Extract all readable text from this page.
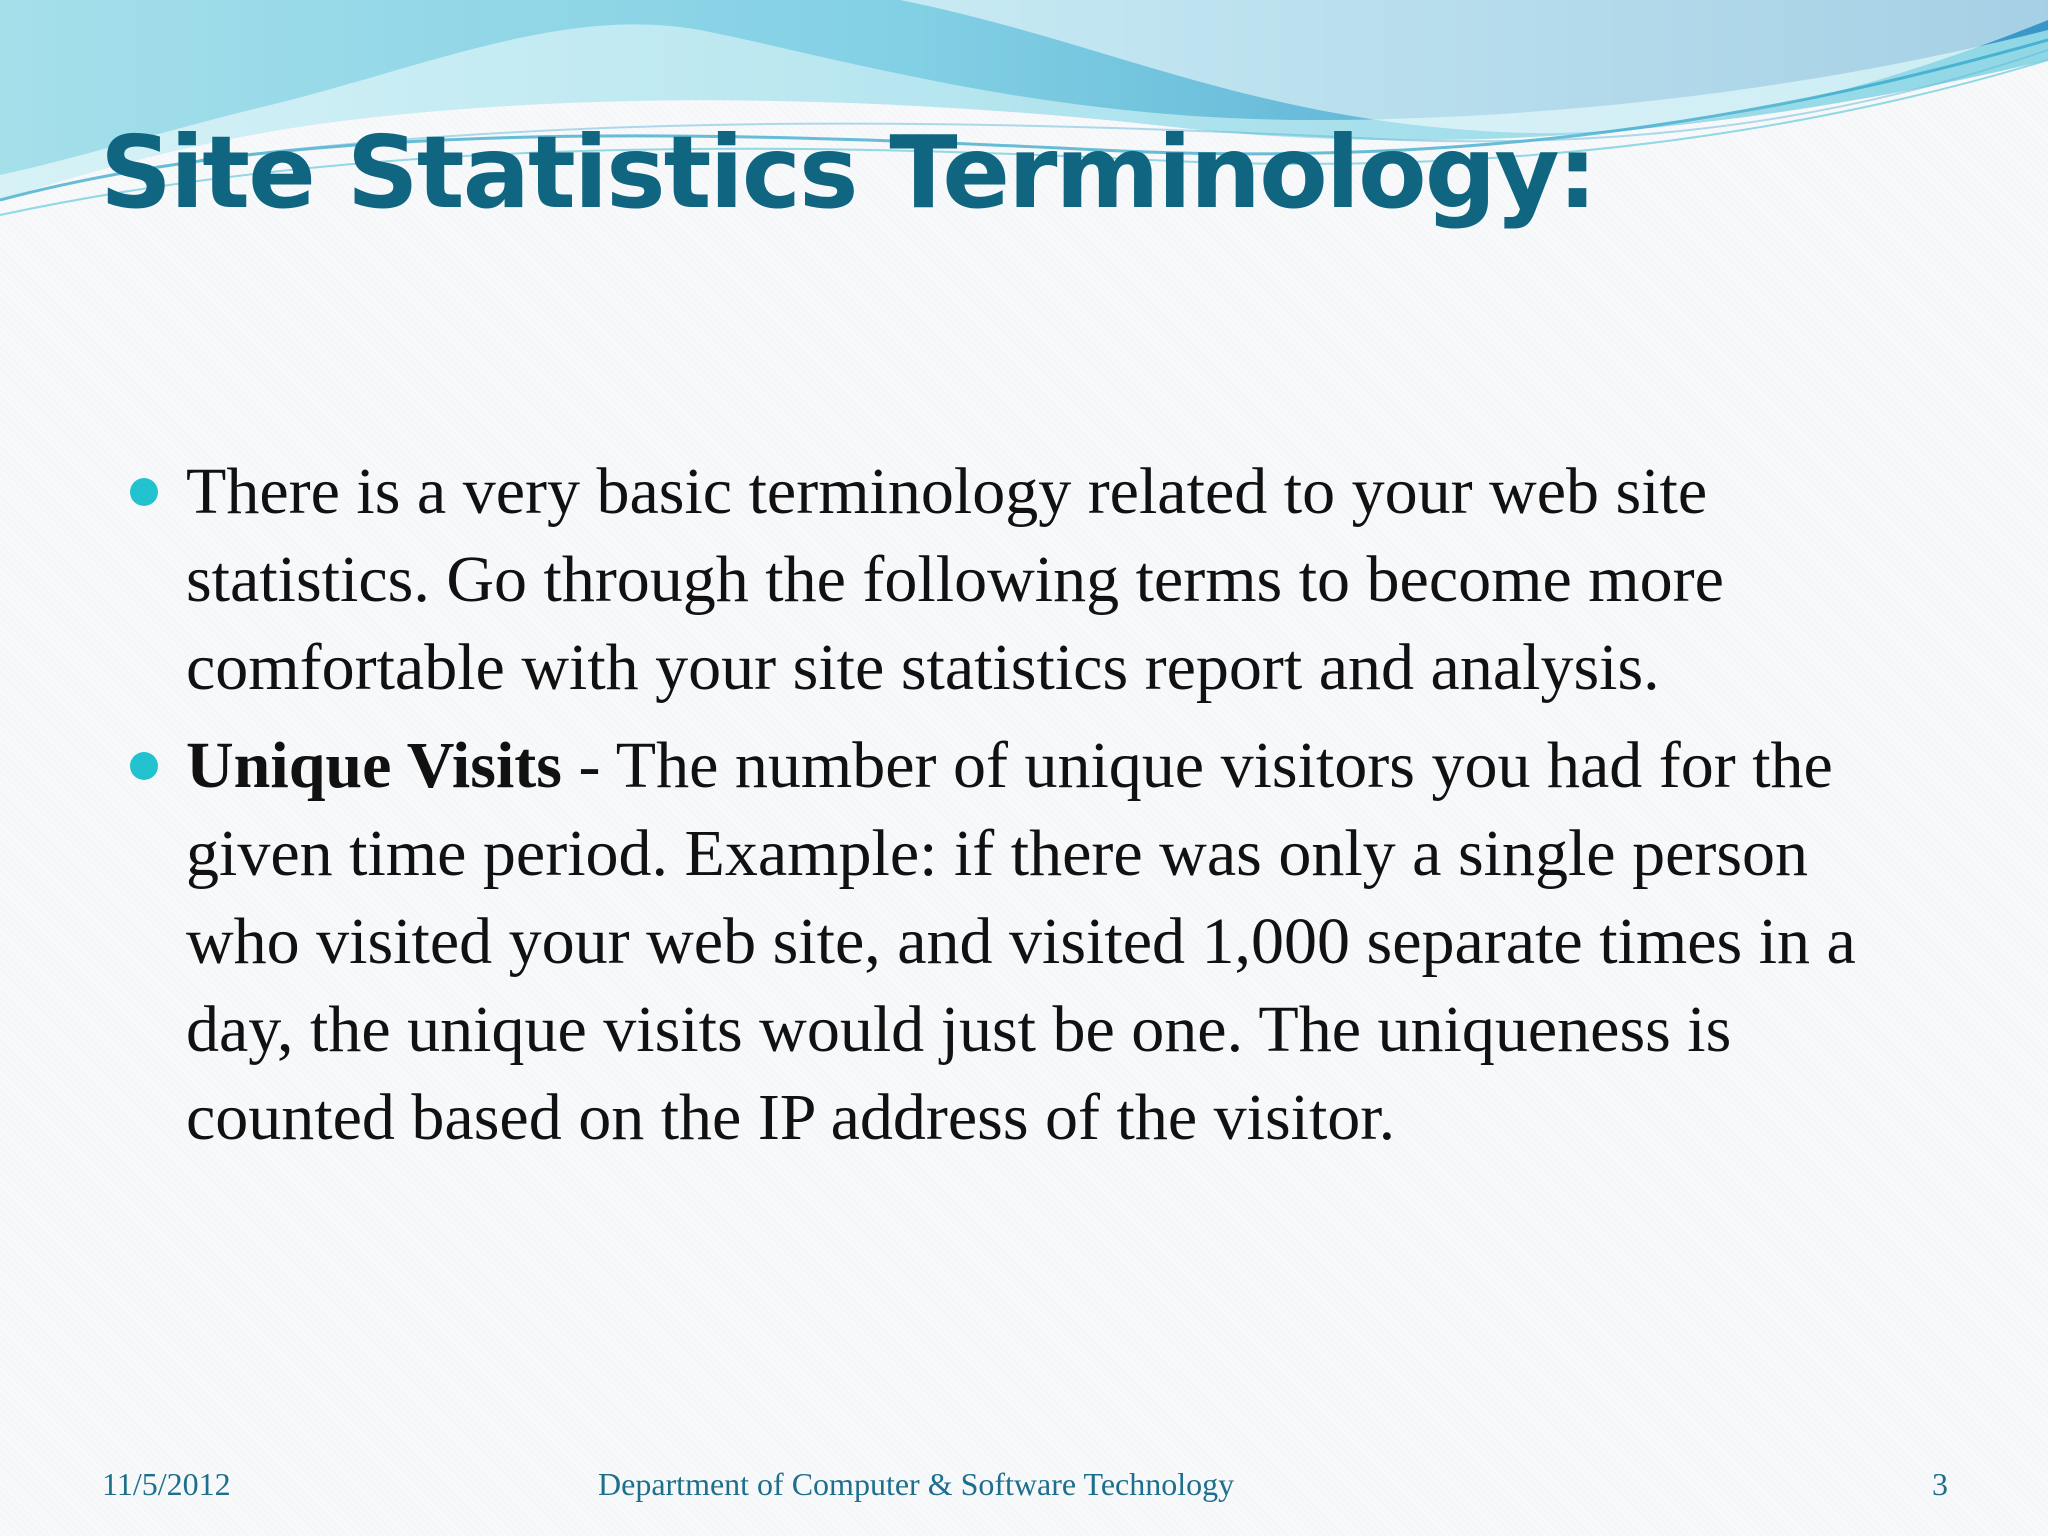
Site Statistics Terminology:
There is a very basic terminology related to your web site statistics. Go through the following terms to become more comfortable with your site statistics report and analysis.
Unique Visits - The number of unique visitors you had for the given time period. Example: if there was only a single person who visited your web site, and visited 1,000 separate times in a day, the unique visits would just be one. The uniqueness is counted based on the IP address of the visitor.
11/5/2012	Department of Computer & Software Technology	3
